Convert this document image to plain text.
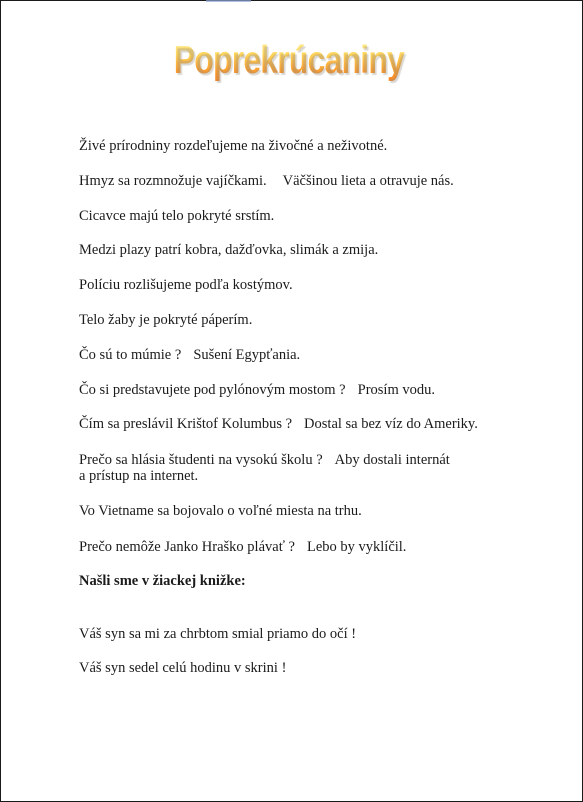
Poprekrúcaniny
Živé prírodniny rozdeľujeme na živočné a neživotné.
Hmyz sa rozmnožuje vajíčkami. Väčšinou lieta a otravuje nás.
Cicavce majú telo pokryté srstím.
Medzi plazy patrí kobra, dažďovka, slimák a zmija.
Políciu rozlišujeme podľa kostýmov.
Telo žaby je pokryté páperím.
Čo sú to múmie ? Sušení Egypťania.
Čo si predstavujete pod pylónovým mostom ? Prosím vodu.
Čím sa preslávil Krištof Kolumbus ? Dostal sa bez víz do Ameriky.
Prečo sa hlásia študenti na vysokú školu ? Aby dostali internát
a prístup na internet.
Vo Vietname sa bojovalo o voľné miesta na trhu.
Prečo nemôže Janko Hraško plávať ? Lebo by vyklíčil.
Našli sme v žiackej knižke:
Váš syn sa mi za chrbtom smial priamo do očí !
Váš syn sedel celú hodinu v skrini !
